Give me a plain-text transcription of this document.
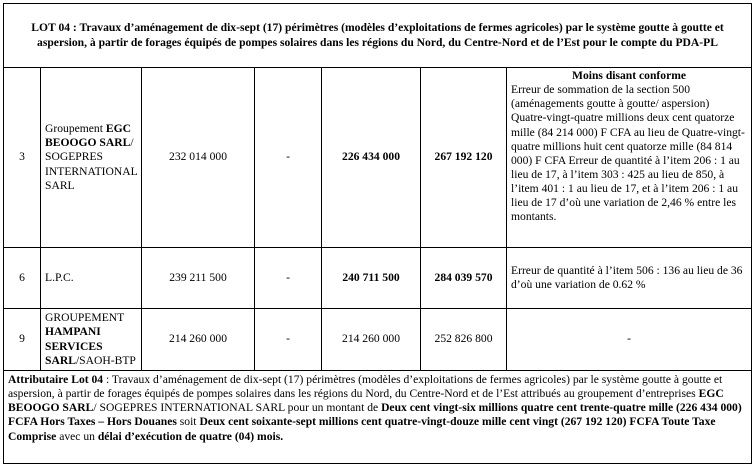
LOT 04 : Travaux d’aménagement de dix-sept (17) périmètres (modèles d’exploitations de fermes agricoles) par le système goutte à goutte et aspersion, à partir de forages équipés de pompes solaires dans les régions du Nord, du Centre-Nord et de l’Est pour le compte du PDA-PL						
3	Groupement EGC BEOOGO SARL/ SOGEPRES INTERNATIONAL SARL	232 014 000	-	226 434 000	267 192 120	Moins disant conforme
Erreur de sommation de la section 500 (aménagements goutte à goutte/ aspersion) Quatre-vingt-quatre millions deux cent quatorze mille (84 214 000) F CFA au lieu de Quatre-vingt-quatre millions huit cent quatorze mille (84 814 000) F CFA Erreur de quantité à l’item 206 : 1 au lieu de 17, à l’item 303 : 425 au lieu de 850, à l’item 401 : 1 au lieu de 17, et à l’item 206 : 1 au lieu de 17 d’où une variation de 2,46 % entre les montants.
6	L.P.C.	239 211 500	-	240 711 500	284 039 570	Erreur de quantité à l’item 506 : 136 au lieu de 36 d’où une variation de 0.62 %
9	GROUPEMENT HAMPANI SERVICES SARL/SAOH-BTP	214 260 000	-	214 260 000	252 826 800	-
Attributaire Lot 04 : Travaux d’aménagement de dix-sept (17) périmètres (modèles d’exploitations de fermes agricoles) par le système goutte à goutte et aspersion, à partir de forages équipés de pompes solaires dans les régions du Nord, du Centre-Nord et de l’Est attribués au groupement d’entreprises EGC BEOOGO SARL/ SOGEPRES INTERNATIONAL SARL pour un montant de Deux cent vingt-six millions quatre cent trente-quatre mille (226 434 000) FCFA Hors Taxes – Hors Douanes soit Deux cent soixante-sept millions cent quatre-vingt-douze mille cent vingt (267 192 120) FCFA Toute Taxe Comprise avec un délai d’exécution de quatre (04) mois.						
